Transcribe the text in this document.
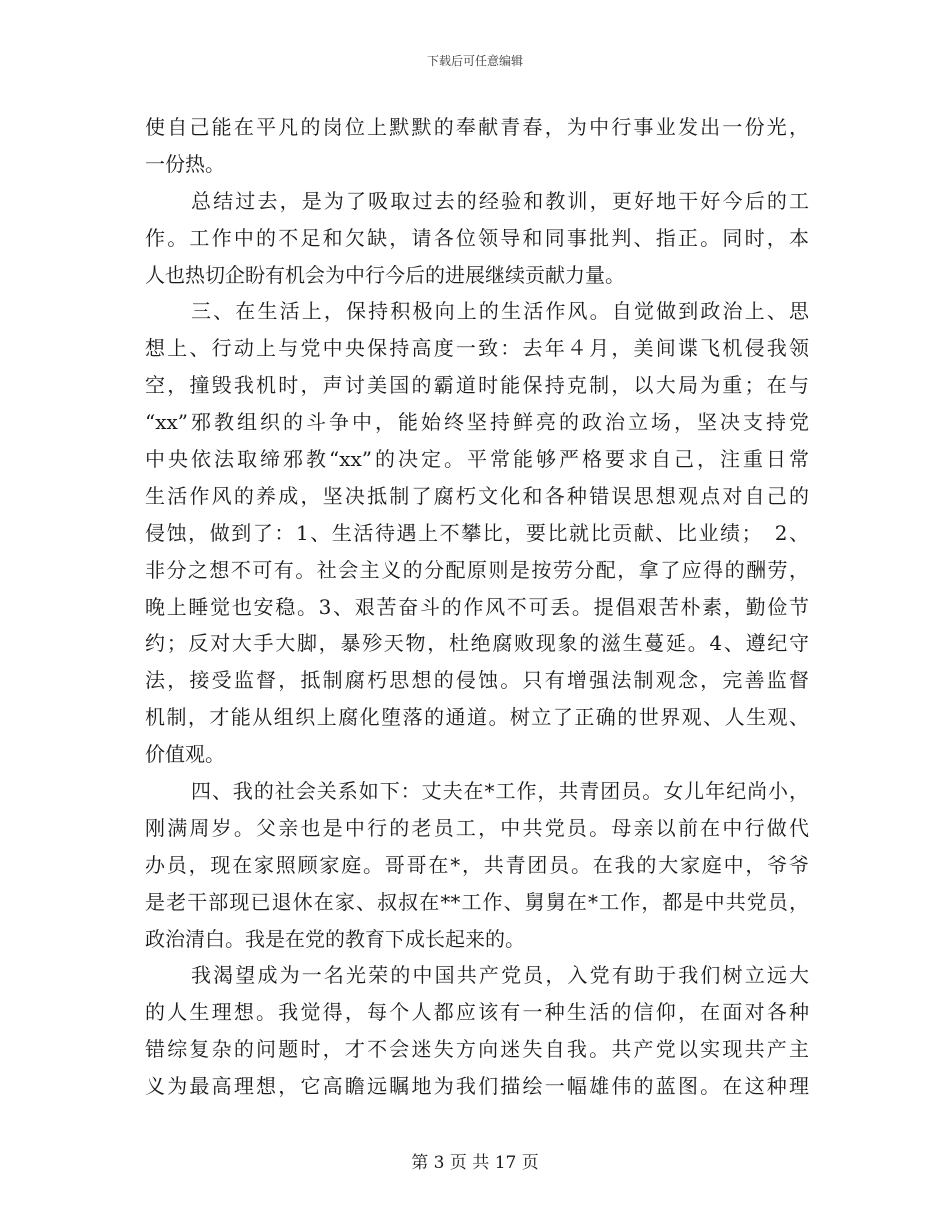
下载后可任意编辑
使自己能在平凡的岗位上默默的奉献青春，为中行事业发出一份光，
一份热。
总结过去，是为了吸取过去的经验和教训，更好地干好今后的工
作。工作中的不足和欠缺，请各位领导和同事批判、指正。同时，本
人也热切企盼有机会为中行今后的进展继续贡献力量。
三、在生活上，保持积极向上的生活作风。自觉做到政治上、思
想上、行动上与党中央保持高度一致：去年４月，美间谍飞机侵我领
空，撞毁我机时，声讨美国的霸道时能保持克制，以大局为重；在与
“xx”邪教组织的斗争中，能始终坚持鲜亮的政治立场，坚决支持党
中央依法取缔邪教“xx”的决定。平常能够严格要求自己，注重日常
生活作风的养成，坚决抵制了腐朽文化和各种错误思想观点对自己的
侵蚀，做到了：1、生活待遇上不攀比，要比就比贡献、比业绩；　2、
非分之想不可有。社会主义的分配原则是按劳分配，拿了应得的酬劳，
晚上睡觉也安稳。3、艰苦奋斗的作风不可丢。提倡艰苦朴素，勤俭节
约；反对大手大脚，暴殄天物，杜绝腐败现象的滋生蔓延。4、遵纪守
法，接受监督，抵制腐朽思想的侵蚀。只有增强法制观念，完善监督
机制，才能从组织上腐化堕落的通道。树立了正确的世界观、人生观、
价值观。
四、我的社会关系如下：丈夫在*工作，共青团员。女儿年纪尚小，
刚满周岁。父亲也是中行的老员工，中共党员。母亲以前在中行做代
办员，现在家照顾家庭。哥哥在*，共青团员。在我的大家庭中，爷爷
是老干部现已退休在家、叔叔在**工作、舅舅在*工作，都是中共党员，
政治清白。我是在党的教育下成长起来的。
我渴望成为一名光荣的中国共产党员，入党有助于我们树立远大
的人生理想。我觉得，每个人都应该有一种生活的信仰，在面对各种
错综复杂的问题时，才不会迷失方向迷失自我。共产党以实现共产主
义为最高理想，它高瞻远瞩地为我们描绘一幅雄伟的蓝图。在这种理
第 3 页 共 17 页
